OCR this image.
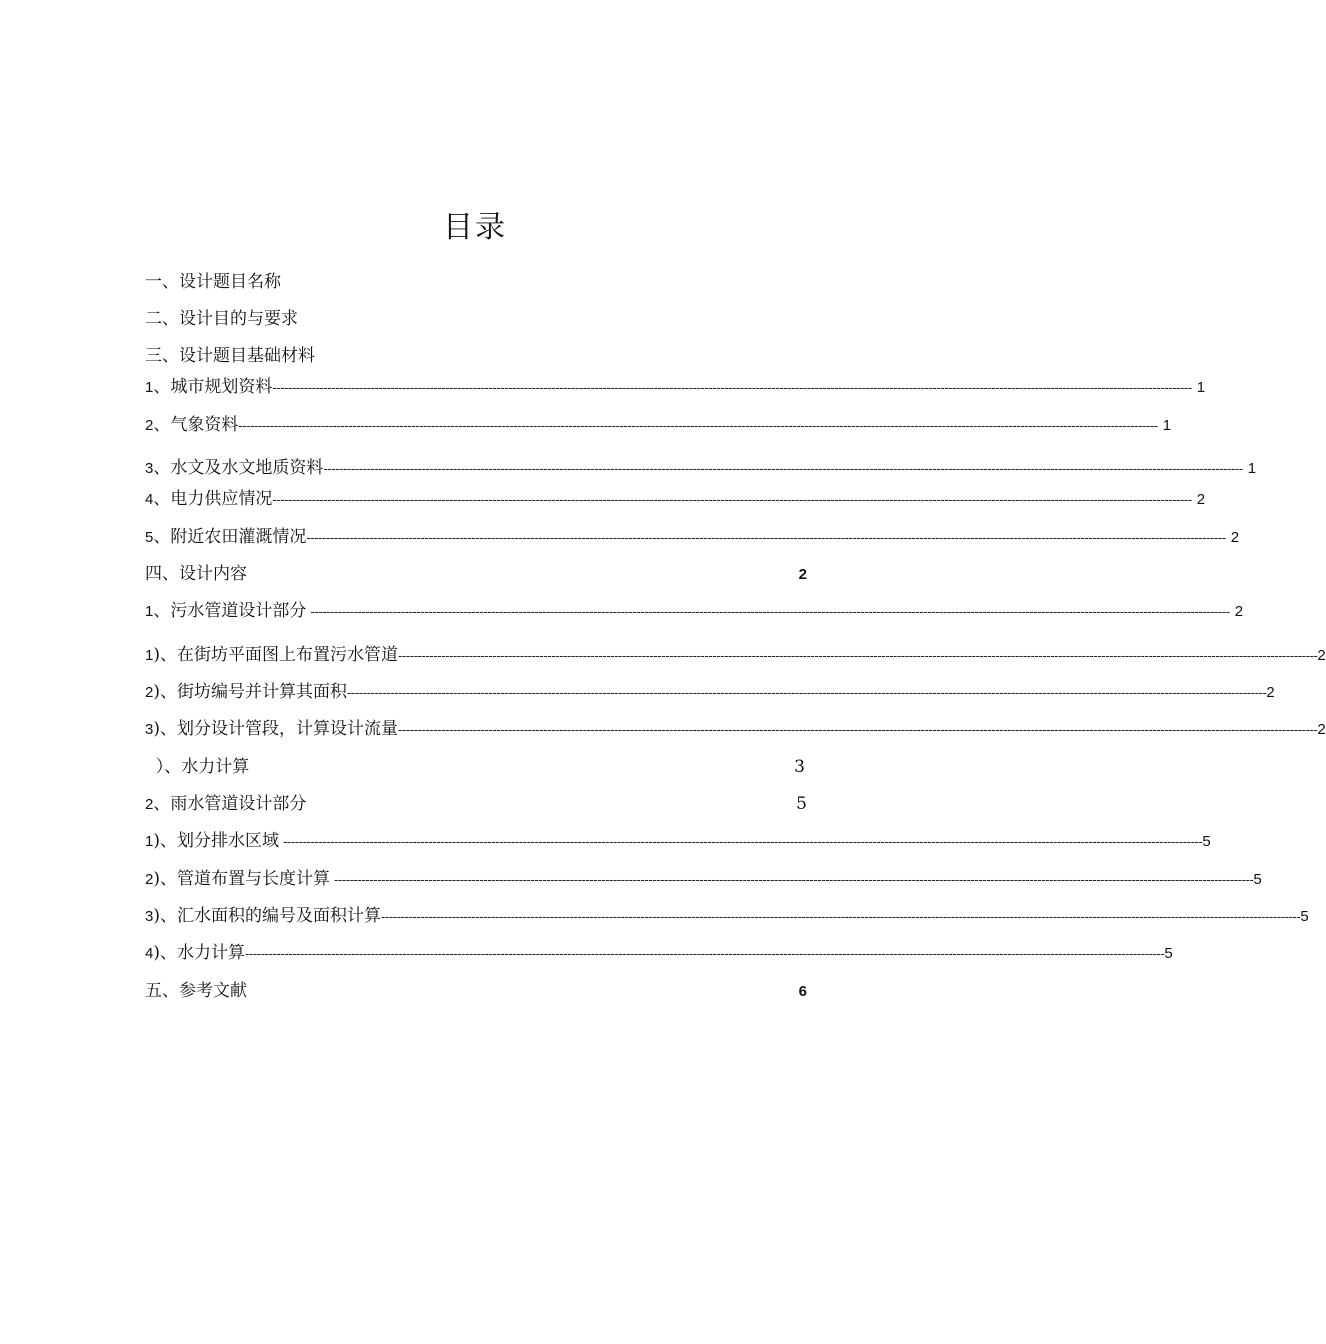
目录
一、设计题目名称
二、设计目的与要求
三、设计题目基础材料
1 、城市规划资料 ------------------------------------------------------------------------------------------------------------------------------------------------------------------------------------------------------------------------------------------ 1
2 、气象资料 ------------------------------------------------------------------------------------------------------------------------------------------------------------------------------------------------------------------------------------------ 1
3 、水文及水文地质资料 ------------------------------------------------------------------------------------------------------------------------------------------------------------------------------------------------------------------------------------------ 1
4 、电力供应情况 ------------------------------------------------------------------------------------------------------------------------------------------------------------------------------------------------------------------------------------------ 2
5 、附近农田灌溉情况 ------------------------------------------------------------------------------------------------------------------------------------------------------------------------------------------------------------------------------------------ 2
四、设计内容	2
1 、污水管道设计部分 ------------------------------------------------------------------------------------------------------------------------------------------------------------------------------------------------------------------------------------------ 2
1 )、在街坊平面图上布置污水管道 ------------------------------------------------------------------------------------------------------------------------------------------------------------------------------------------------------------------------------------------ 2
2 )、街坊编号并计算其面积 ------------------------------------------------------------------------------------------------------------------------------------------------------------------------------------------------------------------------------------------ 2
3 )、划分设计管段，计算设计流量 ------------------------------------------------------------------------------------------------------------------------------------------------------------------------------------------------------------------------------------------ 2
）、水力计算	3
2 、雨水管道设计部分	5
1 )、划分排水区域 ------------------------------------------------------------------------------------------------------------------------------------------------------------------------------------------------------------------------------------------ 5
2 )、管道布置与长度计算 ------------------------------------------------------------------------------------------------------------------------------------------------------------------------------------------------------------------------------------------ 5
3 )、汇水面积的编号及面积计算 ------------------------------------------------------------------------------------------------------------------------------------------------------------------------------------------------------------------------------------------ 5
4 )、水力计算 ------------------------------------------------------------------------------------------------------------------------------------------------------------------------------------------------------------------------------------------ 5
五、参考文献	6
